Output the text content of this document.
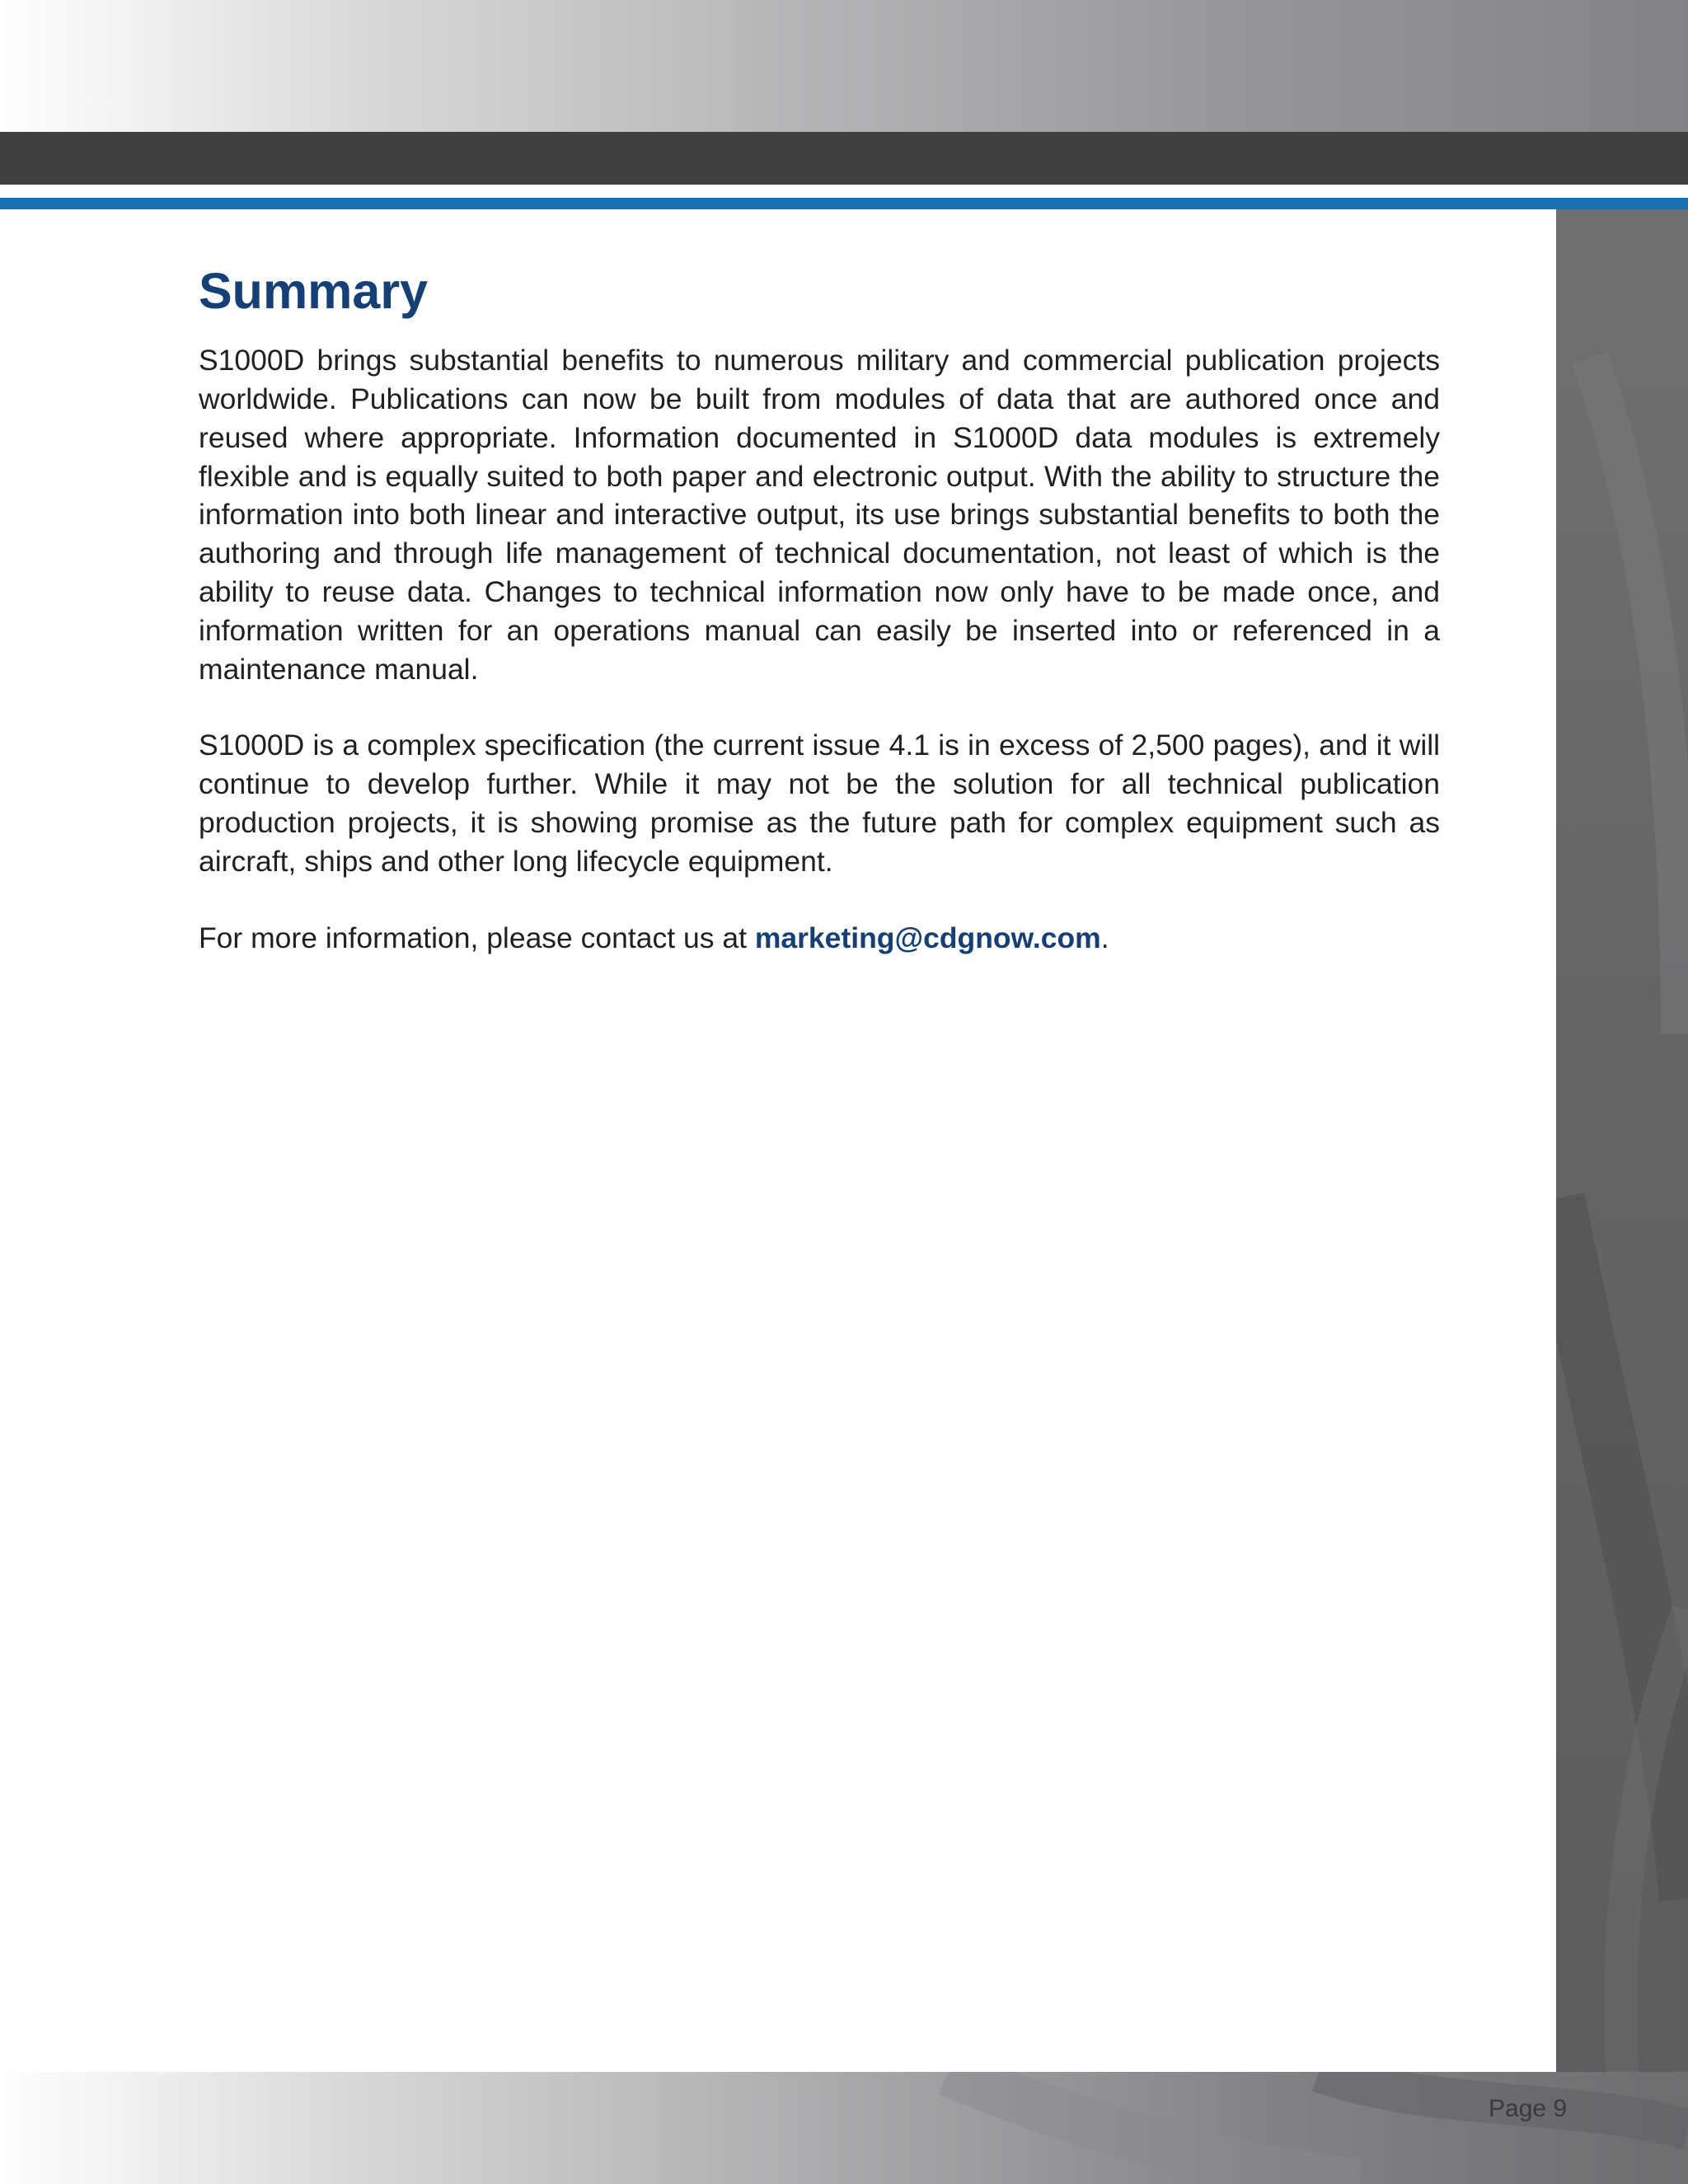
Summary

S1000D brings substantial benefits to numerous military and commercial publication projects worldwide. Publications can now be built from modules of data that are authored once and reused where appropriate. Information documented in S1000D data modules is extremely flexible and is equally suited to both paper and electronic output. With the ability to structure the information into both linear and interactive output, its use brings substantial benefits to both the authoring and through life management of technical documentation, not least of which is the ability to reuse data. Changes to technical information now only have to be made once, and information written for an operations manual can easily be inserted into or referenced in a maintenance manual.

S1000D is a complex specification (the current issue 4.1 is in excess of 2,500 pages), and it will continue to develop further. While it may not be the solution for all technical publication production projects, it is showing promise as the future path for complex equipment such as aircraft, ships and other long lifecycle equipment.

For more information, please contact us at marketing@cdgnow.com.

Page 9
